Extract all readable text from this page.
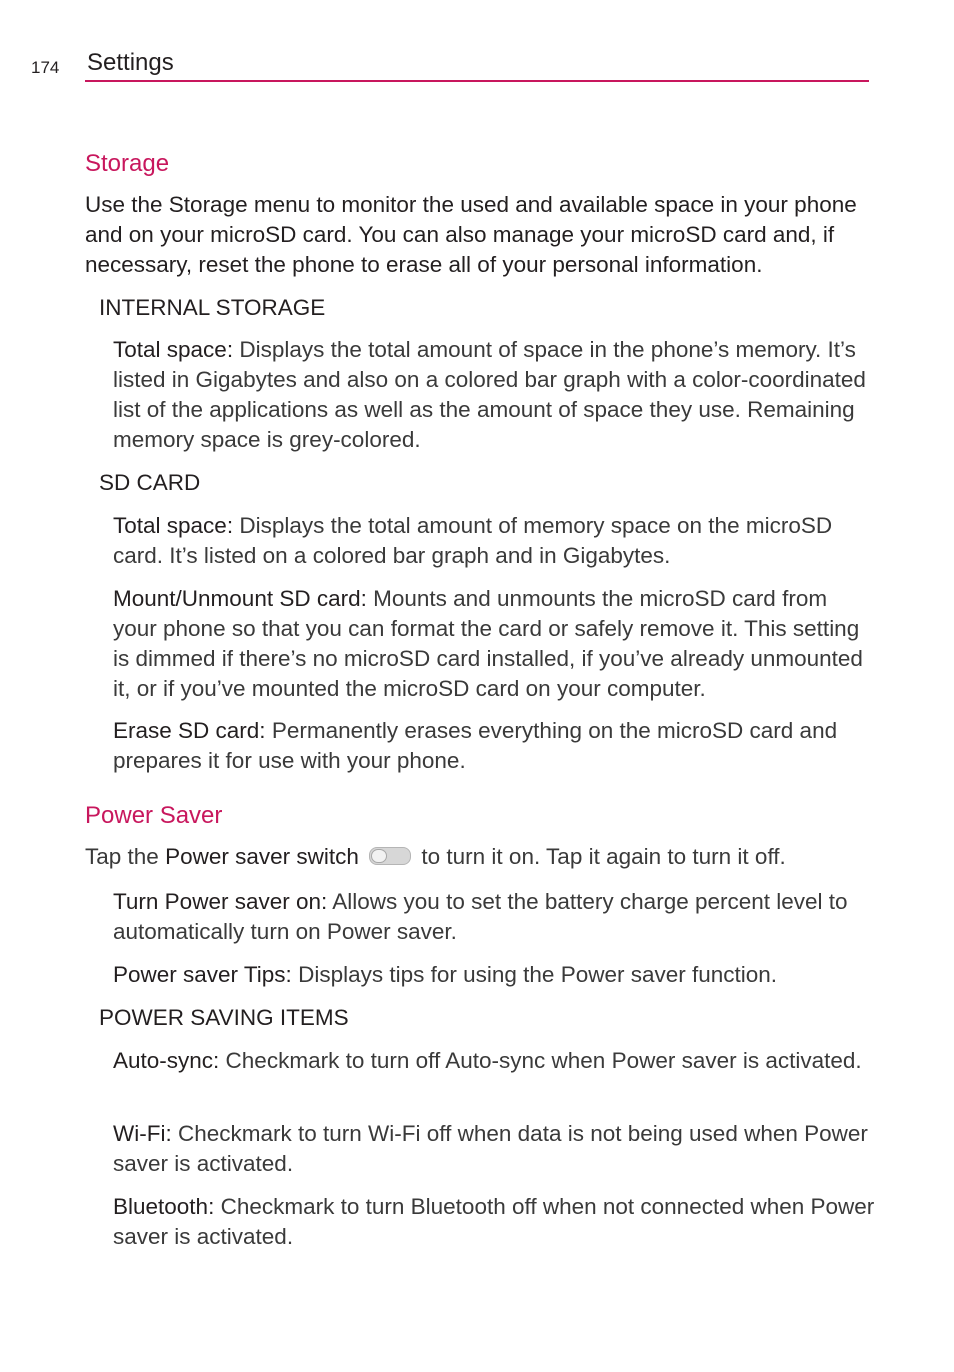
174 Settings
Storage

Use the Storage menu to monitor the used and available space in your phone and on your microSD card. You can also manage your microSD card and, if necessary, reset the phone to erase all of your personal information.

INTERNAL STORAGE

Total space: Displays the total amount of space in the phone’s memory. It’s listed in Gigabytes and also on a colored bar graph with a color-coordinated list of the applications as well as the amount of space they use. Remaining memory space is grey-colored.

SD CARD

Total space: Displays the total amount of memory space on the microSD card. It’s listed on a colored bar graph and in Gigabytes.

Mount/Unmount SD card: Mounts and unmounts the microSD card from your phone so that you can format the card or safely remove it. This setting is dimmed if there’s no microSD card installed, if you’ve already unmounted it, or if you’ve mounted the microSD card on your computer.

Erase SD card: Permanently erases everything on the microSD card and prepares it for use with your phone.

Power Saver

Tap the Power saver switch	to turn it on. Tap it again to turn it off.

Turn Power saver on: Allows you to set the battery charge percent level to automatically turn on Power saver.

Power saver Tips: Displays tips for using the Power saver function.

POWER SAVING ITEMS

Auto-sync: Checkmark to turn off Auto-sync when Power saver is activated.

Wi-Fi: Checkmark to turn Wi-Fi off when data is not being used when Power saver is activated.

Bluetooth: Checkmark to turn Bluetooth off when not connected when Power saver is activated.
